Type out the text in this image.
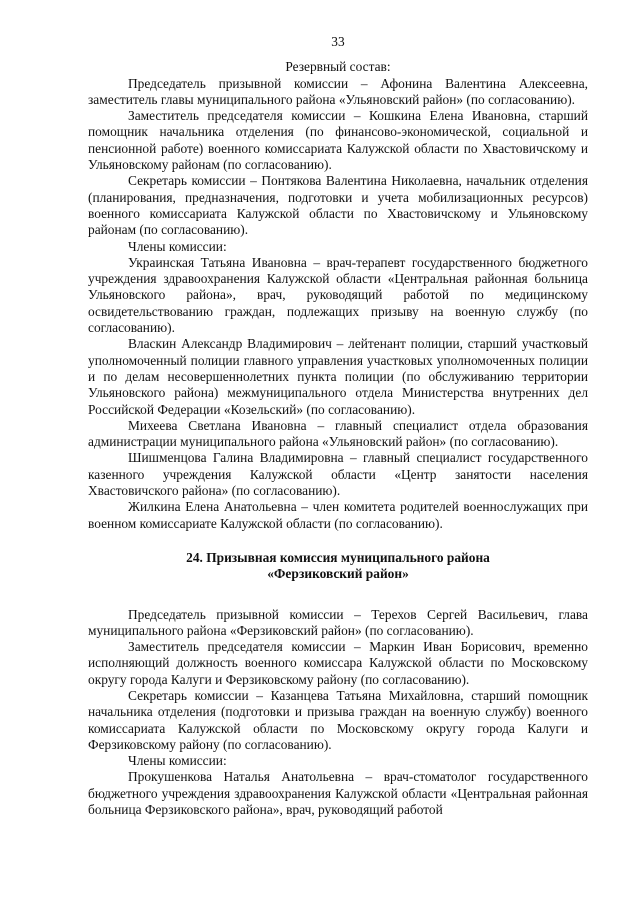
33
Резервный состав:

Председатель призывной комиссии – Афонина Валентина Алексеевна, заместитель главы муниципального района «Ульяновский район» (по согласованию).

Заместитель председателя комиссии – Кошкина Елена Ивановна, старший помощник начальника отделения (по финансово-экономической, социальной и пенсионной работе) военного комиссариата Калужской области по Хвастовичскому и Ульяновскому районам (по согласованию).

Секретарь комиссии – Понтякова Валентина Николаевна, начальник отделения (планирования, предназначения, подготовки и учета мобилизационных ресурсов) военного комиссариата Калужской области по Хвастовичскому и Ульяновскому районам (по согласованию).

Члены комиссии:

Украинская Татьяна Ивановна – врач-терапевт государственного бюджетного учреждения здравоохранения Калужской области «Центральная районная больница Ульяновского района», врач, руководящий работой по медицинскому освидетельствованию граждан, подлежащих призыву на военную службу (по согласованию).

Власкин Александр Владимирович – лейтенант полиции, старший участковый уполномоченный полиции главного управления участковых уполномоченных полиции и по делам несовершеннолетних пункта полиции (по обслуживанию территории Ульяновского района) межмуниципального отдела Министерства внутренних дел Российской Федерации «Козельский» (по согласованию).

Михеева Светлана Ивановна – главный специалист отдела образования администрации муниципального района «Ульяновский район» (по согласованию).

Шишменцова Галина Владимировна – главный специалист государственного казенного учреждения Калужской области «Центр занятости населения Хвастовичского района» (по согласованию).

Жилкина Елена Анатольевна – член комитета родителей военнослужащих при военном комиссариате Калужской области (по согласованию).

24. Призывная комиссия муниципального района
«Ферзиковский район»

Председатель призывной комиссии – Терехов Сергей Васильевич, глава муниципального района «Ферзиковский район» (по согласованию).

Заместитель председателя комиссии – Маркин Иван Борисович, временно исполняющий должность военного комиссара Калужской области по Московскому округу города Калуги и Ферзиковскому району (по согласованию).

Секретарь комиссии – Казанцева Татьяна Михайловна, старший помощник начальника отделения (подготовки и призыва граждан на военную службу) военного комиссариата Калужской области по Московскому округу города Калуги и Ферзиковскому району (по согласованию).

Члены комиссии:

Прокушенкова Наталья Анатольевна – врач-стоматолог государственного бюджетного учреждения здравоохранения Калужской области «Центральная районная больница Ферзиковского района», врач, руководящий работой
